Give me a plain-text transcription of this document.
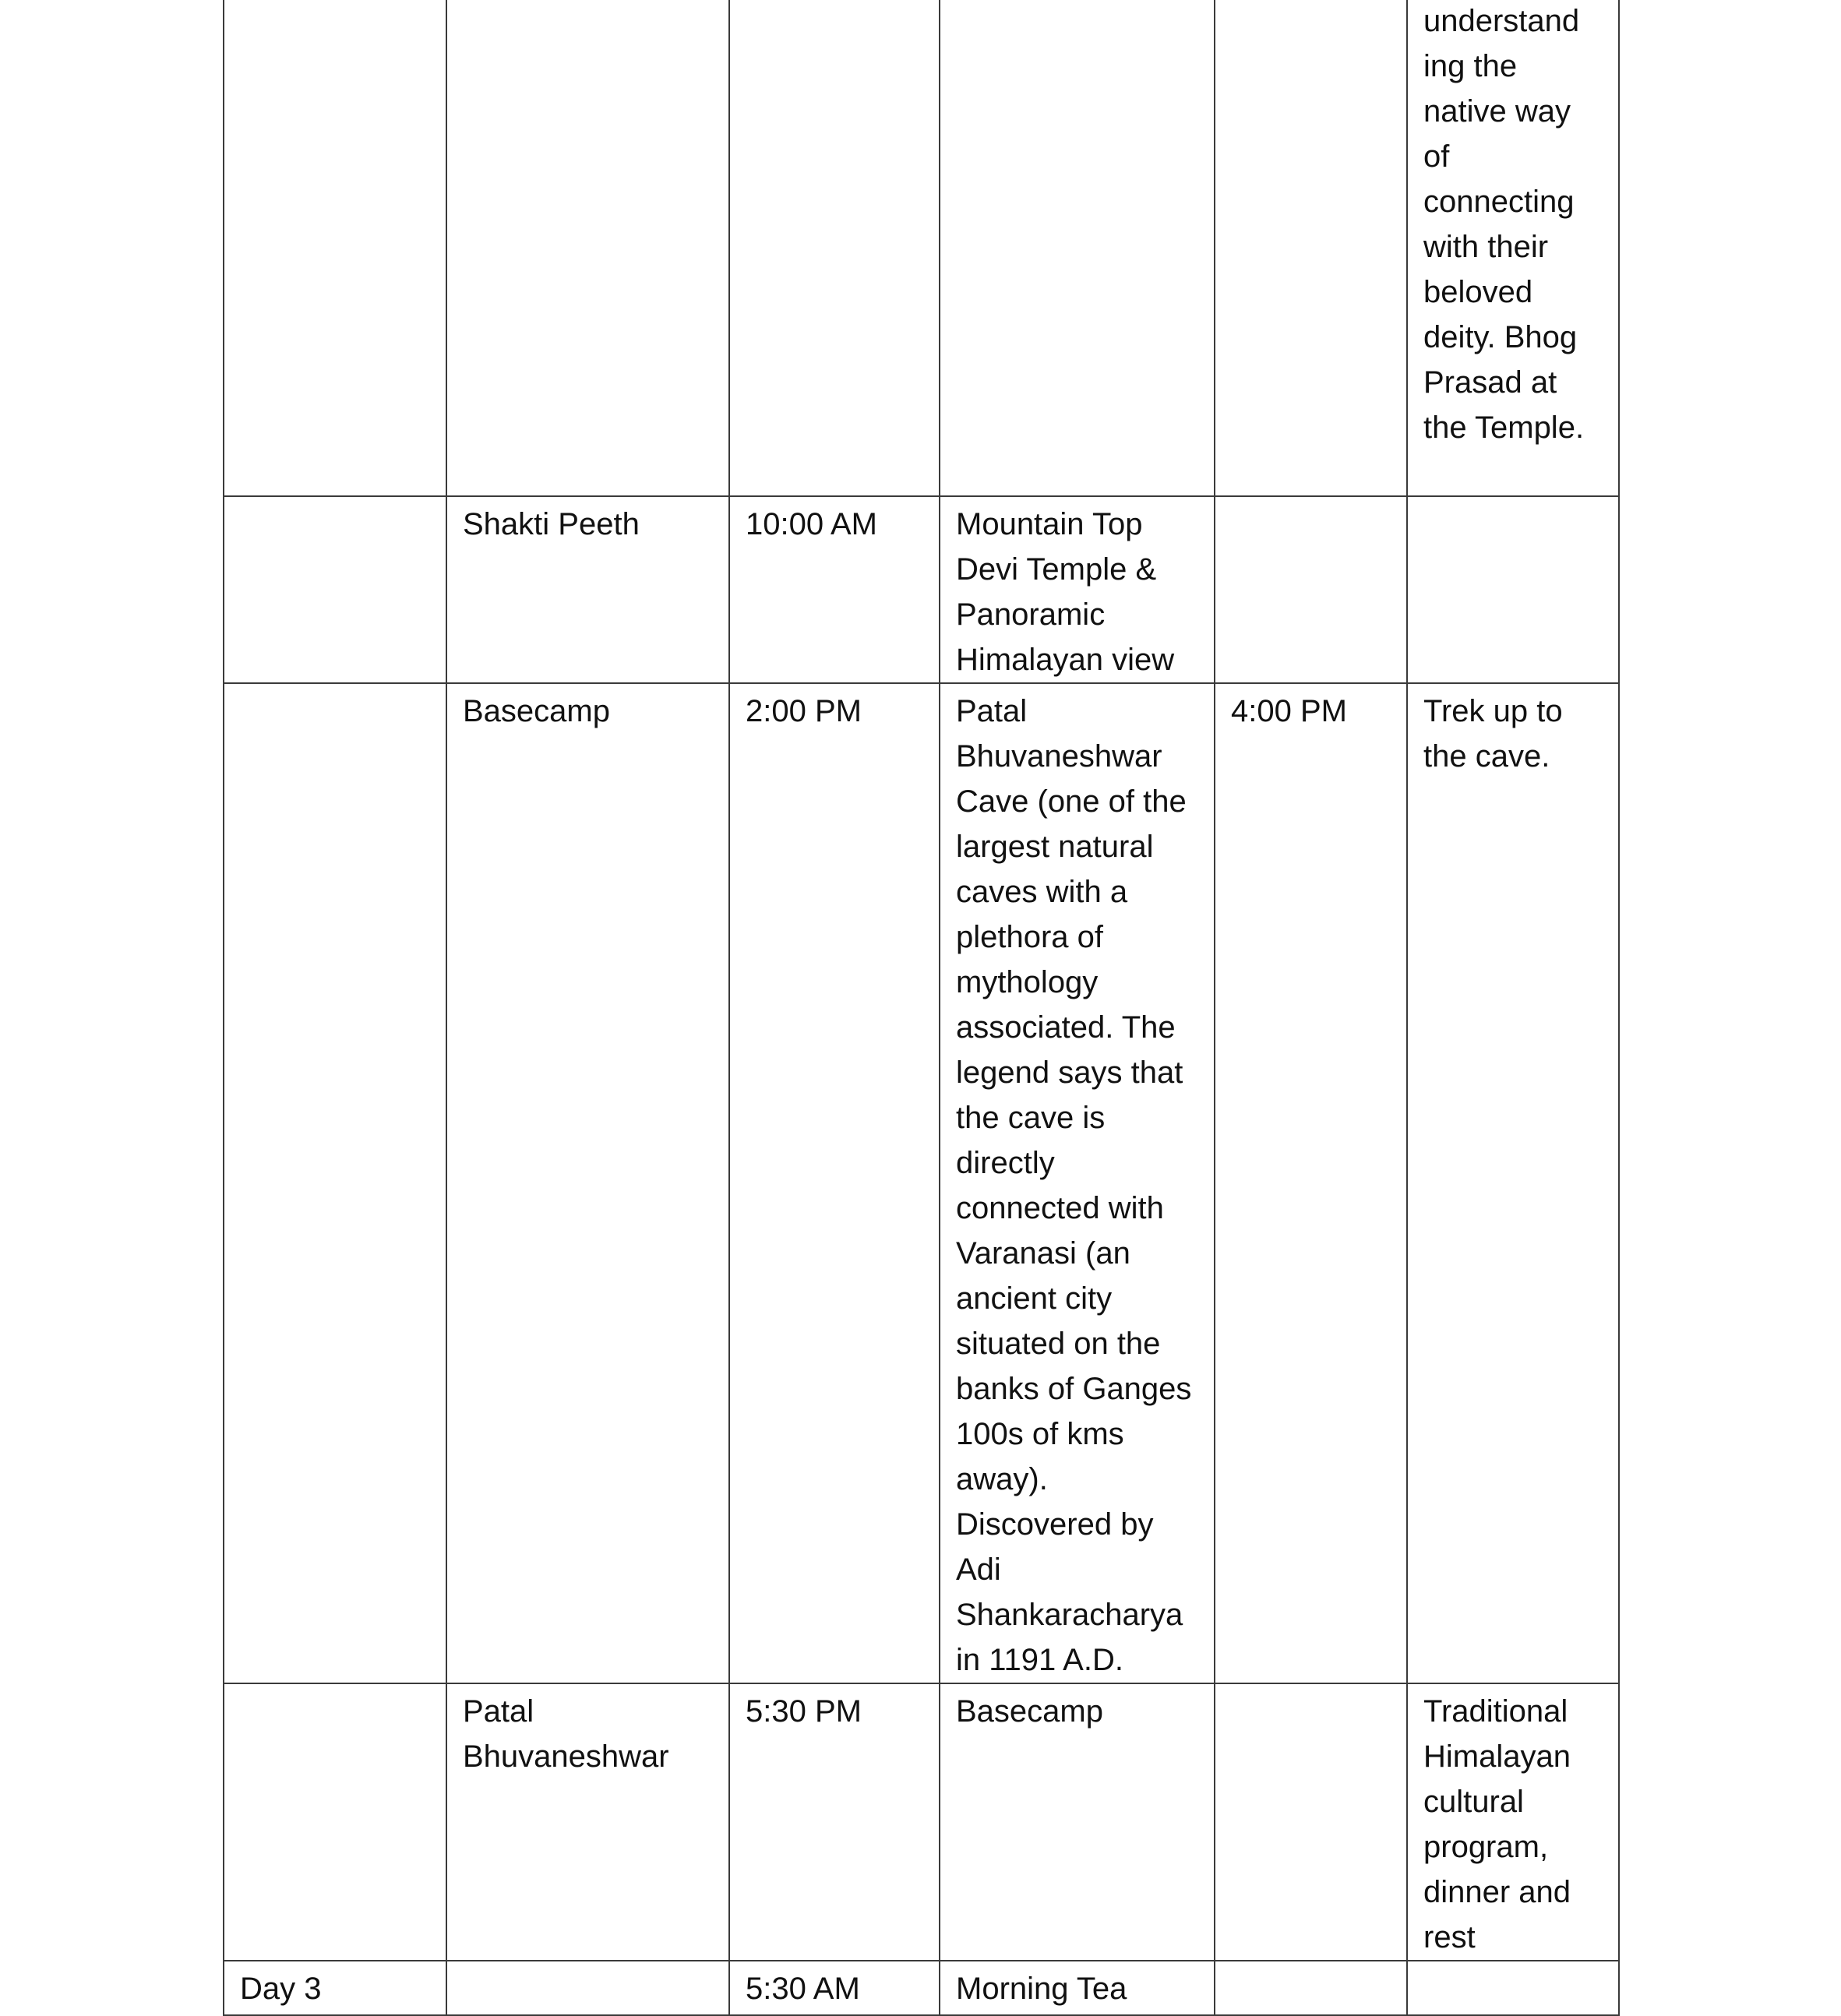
					understand ing the native way of connecting with their beloved deity. Bhog Prasad at the Temple.

	Shakti Peeth	10:00 AM	Mountain Top Devi Temple & Panoramic Himalayan view		

	Basecamp	2:00 PM	Patal Bhuvaneshwar Cave (one of the largest natural caves with a plethora of mythology associated. The legend says that the cave is directly connected with Varanasi (an ancient city situated on the banks of Ganges 100s of kms away). Discovered by Adi Shankaracharya in 1191 A.D.	4:00 PM	Trek up to the cave.

	Patal Bhuvaneshwar	5:30 PM	Basecamp		Traditional Himalayan cultural program, dinner and rest

Day 3		5:30 AM	Morning Tea		
